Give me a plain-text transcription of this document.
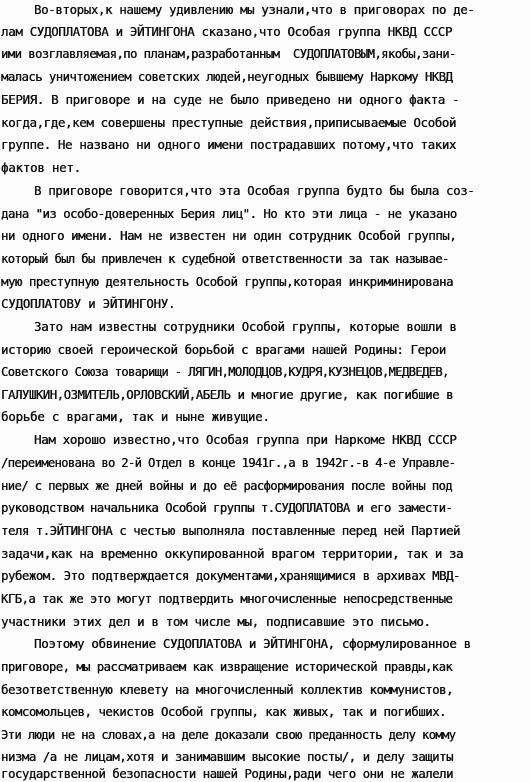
Во-вторых,к нашему удивлению мы узнали,что в приговорах по де-
лам СУДОПЛАТОВА и ЭЙТИНГОНА сказано,что Особая группа НКВД СССР
ими возглавляемая,по планам,разработанным  СУДОПЛАТОВЫМ,якобы,зани-
малась уничтожением советских людей,неугодных бывшему Наркому НКВД
БЕРИЯ. В приговоре и на суде не было приведено ни одного факта -
когда,где,кем совершены преступные действия,приписываемые Особой
группе. Не названо ни одного имени пострадавших потому,что таких
фактов нет.
В приговоре говорится,что эта Особая группа будто бы была соз-
дана "из особо-доверенных Берия лиц". Но кто эти лица - не указано
ни одного имени. Нам не известен ни один сотрудник Особой группы,
который был бы привлечен к судебной ответственности за так называе-
мую преступную деятельность Особой группы,которая инкриминирована
СУДОПЛАТОВУ и ЭЙТИНГОНУ.
Зато нам известны сотрудники Особой группы, которые вошли в
историю своей героической борьбой с врагами нашей Родины: Герои
Советского Союза товарищи - ЛЯГИН,МОЛОДЦОВ,КУДРЯ,КУЗНЕЦОВ,МЕДВЕДЕВ,
ГАЛУШКИН,ОЗМИТЕЛЬ,ОРЛОВСКИЙ,АБЕЛЬ и многие другие, как погибшие в
борьбе с врагами, так и ныне живущие.
Нам хорошо известно,что Особая группа при Наркоме НКВД СССР
/переименована во 2-й Отдел в конце 1941г.,а в 1942г.-в 4-е Управле-
ние/ с первых же дней войны и до её расформирования после войны под
руководством начальника Особой группы т.СУДОПЛАТОВА и его замести-
теля т.ЭЙТИНГОНА с честью выполняла поставленные перед ней Партией
задачи,как на временно оккупированной врагом территории, так и за
рубежом. Это подтверждается документами,хранящимися в архивах МВД-
КГБ,а так же это могут подтвердить многочисленные непосредственные
участники этих дел и в том числе мы, подписавшие это письмо.
Поэтому обвинение СУДОПЛАТОВА и ЭЙТИНГОНА, сформулированное в
приговоре, мы рассматриваем как извращение исторической правды,как
безответственную клевету на многочисленный коллектив коммунистов,
комсомольцев, чекистов Особой группы, как живых, так и погибших.
Эти люди не на словах,а на деле доказали свою преданность делу комму
низма /а не лицам,хотя и занимавшим высокие посты/, и делу защиты
государственной безопасности нашей Родины,ради чего они не жалели
